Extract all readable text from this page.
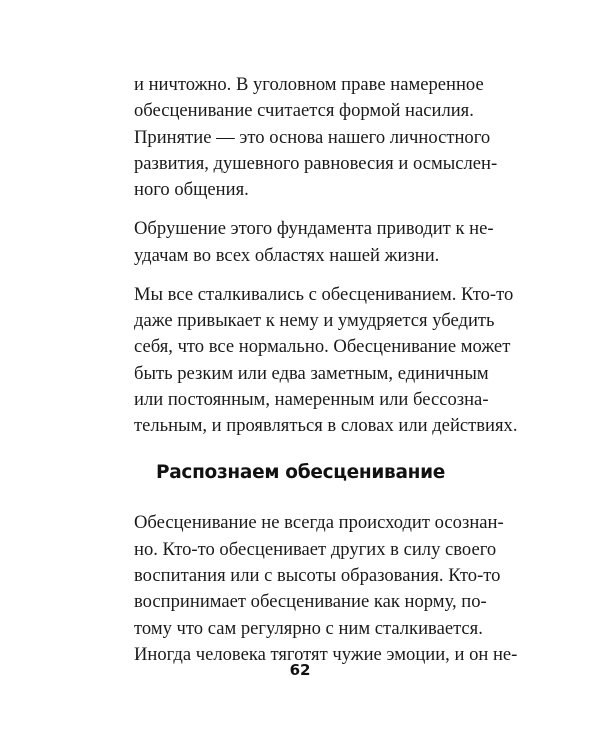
и ничтожно. В уголовном праве намеренное
обесценивание считается формой насилия.
Принятие — это основа нашего личностного
развития, душевного равновесия и осмыслен-
ного общения.

Обрушение этого фундамента приводит к не-
удачам во всех областях нашей жизни.

Мы все сталкивались с обесцениванием. Кто-то
даже привыкает к нему и умудряется убедить
себя, что все нормально. Обесценивание может
быть резким или едва заметным, единичным
или постоянным, намеренным или бессозна-
тельным, и проявляться в словах или действиях.

Распознаем обесценивание

Обесценивание не всегда происходит осознан-
но. Кто-то обесценивает других в силу своего
воспитания или с высоты образования. Кто-то
воспринимает обесценивание как норму, по-
тому что сам регулярно с ним сталкивается.
Иногда человека тяготят чужие эмоции, и он не-

62
